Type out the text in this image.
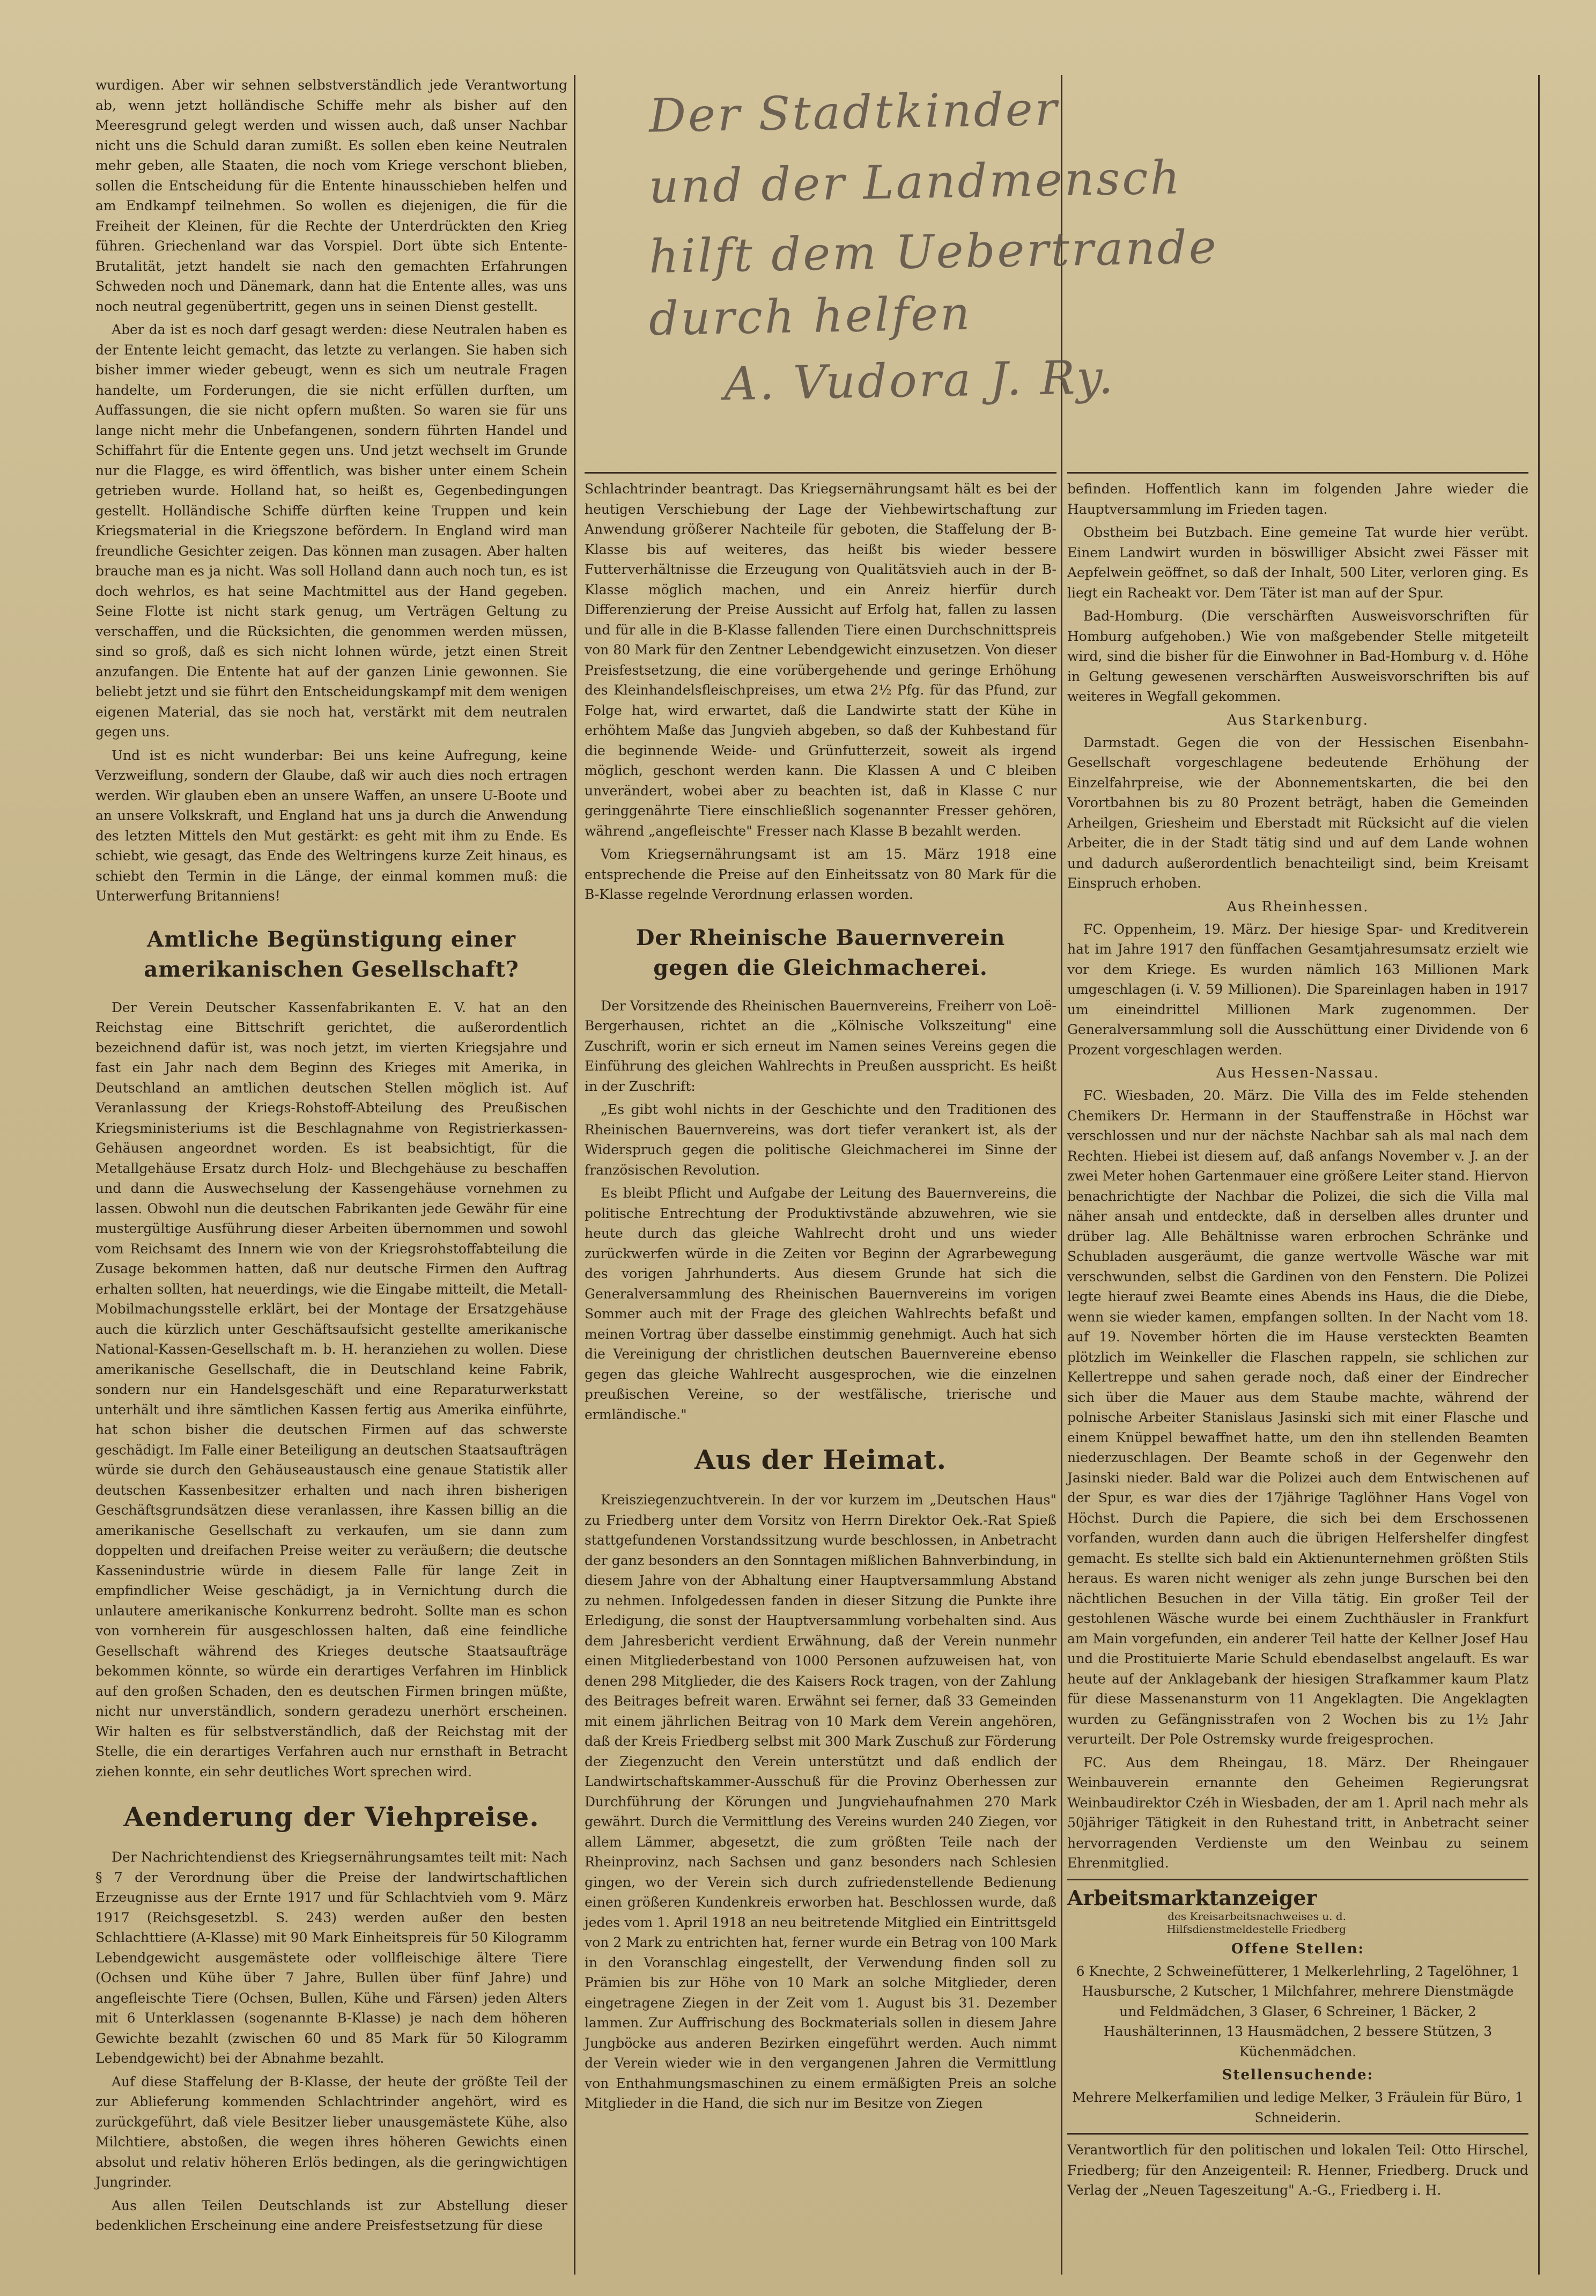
wurdigen. Aber wir sehnen selbstverständlich jede Verantwortung ab, wenn jetzt holländische Schiffe mehr als bisher auf den Meeresgrund gelegt werden und wissen auch, daß unser Nachbar nicht uns die Schuld daran zumißt. Es sollen eben keine Neutralen mehr geben, alle Staaten, die noch vom Kriege verschont blieben, sollen die Entscheidung für die Entente hinausschieben helfen und am Endkampf teilnehmen. So wollen es diejenigen, die für die Freiheit der Kleinen, für die Rechte der Unterdrückten den Krieg führen. Griechenland war das Vorspiel. Dort übte sich Entente-Brutalität, jetzt handelt sie nach den gemachten Erfahrungen Schweden noch und Dänemark, dann hat die Entente alles, was uns noch neutral gegenübertritt, gegen uns in seinen Dienst gestellt.

Aber da ist es noch darf gesagt werden: diese Neutralen haben es der Entente leicht gemacht, das letzte zu verlangen. Sie haben sich bisher immer wieder gebeugt, wenn es sich um neutrale Fragen handelte, um Forderungen, die sie nicht erfüllen durften, um Auffassungen, die sie nicht opfern mußten. So waren sie für uns lange nicht mehr die Unbefangenen, sondern führten Handel und Schiffahrt für die Entente gegen uns. Und jetzt wechselt im Grunde nur die Flagge, es wird öffentlich, was bisher unter einem Schein getrieben wurde. Holland hat, so heißt es, Gegenbedingungen gestellt. Holländische Schiffe dürften keine Truppen und kein Kriegsmaterial in die Kriegszone befördern. In England wird man freundliche Gesichter zeigen. Das können man zusagen. Aber halten brauche man es ja nicht. Was soll Holland dann auch noch tun, es ist doch wehrlos, es hat seine Machtmittel aus der Hand gegeben. Seine Flotte ist nicht stark genug, um Verträgen Geltung zu verschaffen, und die Rücksichten, die genommen werden müssen, sind so groß, daß es sich nicht lohnen würde, jetzt einen Streit anzufangen. Die Entente hat auf der ganzen Linie gewonnen. Sie beliebt jetzt und sie führt den Entscheidungskampf mit dem wenigen eigenen Material, das sie noch hat, verstärkt mit dem neutralen gegen uns.

Und ist es nicht wunderbar: Bei uns keine Aufregung, keine Verzweiflung, sondern der Glaube, daß wir auch dies noch ertragen werden. Wir glauben eben an unsere Waffen, an unsere U-Boote und an unsere Volkskraft, und England hat uns ja durch die Anwendung des letzten Mittels den Mut gestärkt: es geht mit ihm zu Ende. Es schiebt, wie gesagt, das Ende des Weltringens kurze Zeit hinaus, es schiebt den Termin in die Länge, der einmal kommen muß: die Unterwerfung Britanniens!

Amtliche Begünstigung einer amerikanischen Gesellschaft?

Der Verein Deutscher Kassenfabrikanten E. V. hat an den Reichstag eine Bittschrift gerichtet, die außerordentlich bezeichnend dafür ist, was noch jetzt, im vierten Kriegsjahre und fast ein Jahr nach dem Beginn des Krieges mit Amerika, in Deutschland an amtlichen deutschen Stellen möglich ist. Auf Veranlassung der Kriegs-Rohstoff-Abteilung des Preußischen Kriegsministeriums ist die Beschlagnahme von Registrierkassen-Gehäusen angeordnet worden. Es ist beabsichtigt, für die Metallgehäuse Ersatz durch Holz- und Blechgehäuse zu beschaffen und dann die Auswechselung der Kassengehäuse vornehmen zu lassen. Obwohl nun die deutschen Fabrikanten jede Gewähr für eine mustergültige Ausführung dieser Arbeiten übernommen und sowohl vom Reichsamt des Innern wie von der Kriegsrohstoffabteilung die Zusage bekommen hatten, daß nur deutsche Firmen den Auftrag erhalten sollten, hat neuerdings, wie die Eingabe mitteilt, die Metall-Mobilmachungsstelle erklärt, bei der Montage der Ersatzgehäuse auch die kürzlich unter Geschäftsaufsicht gestellte amerikanische National-Kassen-Gesellschaft m. b. H. heranziehen zu wollen. Diese amerikanische Gesellschaft, die in Deutschland keine Fabrik, sondern nur ein Handelsgeschäft und eine Reparaturwerkstatt unterhält und ihre sämtlichen Kassen fertig aus Amerika einführte, hat schon bisher die deutschen Firmen auf das schwerste geschädigt. Im Falle einer Beteiligung an deutschen Staatsaufträgen würde sie durch den Gehäuseaustausch eine genaue Statistik aller deutschen Kassenbesitzer erhalten und nach ihren bisherigen Geschäftsgrundsätzen diese veranlassen, ihre Kassen billig an die amerikanische Gesellschaft zu verkaufen, um sie dann zum doppelten und dreifachen Preise weiter zu veräußern; die deutsche Kassenindustrie würde in diesem Falle für lange Zeit in empfindlicher Weise geschädigt, ja in Vernichtung durch die unlautere amerikanische Konkurrenz bedroht. Sollte man es schon von vornherein für ausgeschlossen halten, daß eine feindliche Gesellschaft während des Krieges deutsche Staatsaufträge bekommen könnte, so würde ein derartiges Verfahren im Hinblick auf den großen Schaden, den es deutschen Firmen bringen müßte, nicht nur unverständlich, sondern geradezu unerhört erscheinen. Wir halten es für selbstverständlich, daß der Reichstag mit der Stelle, die ein derartiges Verfahren auch nur ernsthaft in Betracht ziehen konnte, ein sehr deutliches Wort sprechen wird.

Aenderung der Viehpreise.

Der Nachrichtendienst des Kriegsernährungsamtes teilt mit: Nach § 7 der Verordnung über die Preise der landwirtschaftlichen Erzeugnisse aus der Ernte 1917 und für Schlachtvieh vom 9. März 1917 (Reichsgesetzbl. S. 243) werden außer den besten Schlachttiere (A-Klasse) mit 90 Mark Einheitspreis für 50 Kilogramm Lebendgewicht ausgemästete oder vollfleischige ältere Tiere (Ochsen und Kühe über 7 Jahre, Bullen über fünf Jahre) und angefleischte Tiere (Ochsen, Bullen, Kühe und Färsen) jeden Alters mit 6 Unterklassen (sogenannte B-Klasse) je nach dem höheren Gewichte bezahlt (zwischen 60 und 85 Mark für 50 Kilogramm Lebendgewicht) bei der Abnahme bezahlt.

Auf diese Staffelung der B-Klasse, der heute der größte Teil der zur Ablieferung kommenden Schlachtrinder angehört, wird es zurückgeführt, daß viele Besitzer lieber unausgemästete Kühe, also Milchtiere, abstoßen, die wegen ihres höheren Gewichts einen absolut und relativ höheren Erlös bedingen, als die geringwichtigen Jungrinder.

Aus allen Teilen Deutschlands ist zur Abstellung dieser bedenklichen Erscheinung eine andere Preisfestsetzung für diese

Der Stadtkinder
und der Landmensch
hilft dem Uebertrande
durch helfen
A. Vudora J. Ry.

Schlachtrinder beantragt. Das Kriegsernährungsamt hält es bei der heutigen Verschiebung der Lage der Viehbewirtschaftung zur Anwendung größerer Nachteile für geboten, die Staffelung der B-Klasse bis auf weiteres, das heißt bis wieder bessere Futterverhältnisse die Erzeugung von Qualitätsvieh auch in der B-Klasse möglich machen, und ein Anreiz hierfür durch Differenzierung der Preise Aussicht auf Erfolg hat, fallen zu lassen und für alle in die B-Klasse fallenden Tiere einen Durchschnittspreis von 80 Mark für den Zentner Lebendgewicht einzusetzen. Von dieser Preisfestsetzung, die eine vorübergehende und geringe Erhöhung des Kleinhandelsfleischpreises, um etwa 2½ Pfg. für das Pfund, zur Folge hat, wird erwartet, daß die Landwirte statt der Kühe in erhöhtem Maße das Jungvieh abgeben, so daß der Kuhbestand für die beginnende Weide- und Grünfutterzeit, soweit als irgend möglich, geschont werden kann. Die Klassen A und C bleiben unverändert, wobei aber zu beachten ist, daß in Klasse C nur geringgenährte Tiere einschließlich sogenannter Fresser gehören, während „angefleischte" Fresser nach Klasse B bezahlt werden.

Vom Kriegsernährungsamt ist am 15. März 1918 eine entsprechende die Preise auf den Einheitssatz von 80 Mark für die B-Klasse regelnde Verordnung erlassen worden.

Der Rheinische Bauernverein gegen die Gleichmacherei.

Der Vorsitzende des Rheinischen Bauernvereins, Freiherr von Loë-Bergerhausen, richtet an die „Kölnische Volkszeitung" eine Zuschrift, worin er sich erneut im Namen seines Vereins gegen die Einführung des gleichen Wahlrechts in Preußen ausspricht. Es heißt in der Zuschrift:

„Es gibt wohl nichts in der Geschichte und den Traditionen des Rheinischen Bauernvereins, was dort tiefer verankert ist, als der Widerspruch gegen die politische Gleichmacherei im Sinne der französischen Revolution.

Es bleibt Pflicht und Aufgabe der Leitung des Bauernvereins, die politische Entrechtung der Produktivstände abzuwehren, wie sie heute durch das gleiche Wahlrecht droht und uns wieder zurückwerfen würde in die Zeiten vor Beginn der Agrarbewegung des vorigen Jahrhunderts. Aus diesem Grunde hat sich die Generalversammlung des Rheinischen Bauernvereins im vorigen Sommer auch mit der Frage des gleichen Wahlrechts befaßt und meinen Vortrag über dasselbe einstimmig genehmigt. Auch hat sich die Vereinigung der christlichen deutschen Bauernvereine ebenso gegen das gleiche Wahlrecht ausgesprochen, wie die einzelnen preußischen Vereine, so der westfälische, trierische und ermländische."

Aus der Heimat.

Kreisziegenzuchtverein. In der vor kurzem im „Deutschen Haus" zu Friedberg unter dem Vorsitz von Herrn Direktor Oek.-Rat Spieß stattgefundenen Vorstandssitzung wurde beschlossen, in Anbetracht der ganz besonders an den Sonntagen mißlichen Bahnverbindung, in diesem Jahre von der Abhaltung einer Hauptversammlung Abstand zu nehmen. Infolgedessen fanden in dieser Sitzung die Punkte ihre Erledigung, die sonst der Hauptversammlung vorbehalten sind. Aus dem Jahresbericht verdient Erwähnung, daß der Verein nunmehr einen Mitgliederbestand von 1000 Personen aufzuweisen hat, von denen 298 Mitglieder, die des Kaisers Rock tragen, von der Zahlung des Beitrages befreit waren. Erwähnt sei ferner, daß 33 Gemeinden mit einem jährlichen Beitrag von 10 Mark dem Verein angehören, daß der Kreis Friedberg selbst mit 300 Mark Zuschuß zur Förderung der Ziegenzucht den Verein unterstützt und daß endlich der Landwirtschaftskammer-Ausschuß für die Provinz Oberhessen zur Durchführung der Körungen und Jungviehaufnahmen 270 Mark gewährt. Durch die Vermittlung des Vereins wurden 240 Ziegen, vor allem Lämmer, abgesetzt, die zum größten Teile nach der Rheinprovinz, nach Sachsen und ganz besonders nach Schlesien gingen, wo der Verein sich durch zufriedenstellende Bedienung einen größeren Kundenkreis erworben hat. Beschlossen wurde, daß jedes vom 1. April 1918 an neu beitretende Mitglied ein Eintrittsgeld von 2 Mark zu entrichten hat, ferner wurde ein Betrag von 100 Mark in den Voranschlag eingestellt, der Verwendung finden soll zu Prämien bis zur Höhe von 10 Mark an solche Mitglieder, deren eingetragene Ziegen in der Zeit vom 1. August bis 31. Dezember lammen. Zur Auffrischung des Bockmaterials sollen in diesem Jahre Jungböcke aus anderen Bezirken eingeführt werden. Auch nimmt der Verein wieder wie in den vergangenen Jahren die Vermittlung von Enthahmungsmaschinen zu einem ermäßigten Preis an solche Mitglieder in die Hand, die sich nur im Besitze von Ziegen

befinden. Hoffentlich kann im folgenden Jahre wieder die Hauptversammlung im Frieden tagen.

Obstheim bei Butzbach. Eine gemeine Tat wurde hier verübt. Einem Landwirt wurden in böswilliger Absicht zwei Fässer mit Aepfelwein geöffnet, so daß der Inhalt, 500 Liter, verloren ging. Es liegt ein Racheakt vor. Dem Täter ist man auf der Spur.

Bad-Homburg. (Die verschärften Ausweisvorschriften für Homburg aufgehoben.) Wie von maßgebender Stelle mitgeteilt wird, sind die bisher für die Einwohner in Bad-Homburg v. d. Höhe in Geltung gewesenen verschärften Ausweisvorschriften bis auf weiteres in Wegfall gekommen.

Aus Starkenburg.

Darmstadt. Gegen die von der Hessischen Eisenbahn-Gesellschaft vorgeschlagene bedeutende Erhöhung der Einzelfahrpreise, wie der Abonnementskarten, die bei den Vorortbahnen bis zu 80 Prozent beträgt, haben die Gemeinden Arheilgen, Griesheim und Eberstadt mit Rücksicht auf die vielen Arbeiter, die in der Stadt tätig sind und auf dem Lande wohnen und dadurch außerordentlich benachteiligt sind, beim Kreisamt Einspruch erhoben.

Aus Rheinhessen.

FC. Oppenheim, 19. März. Der hiesige Spar- und Kreditverein hat im Jahre 1917 den fünffachen Gesamtjahresumsatz erzielt wie vor dem Kriege. Es wurden nämlich 163 Millionen Mark umgeschlagen (i. V. 59 Millionen). Die Spareinlagen haben in 1917 um eineindrittel Millionen Mark zugenommen. Der Generalversammlung soll die Ausschüttung einer Dividende von 6 Prozent vorgeschlagen werden.

Aus Hessen-Nassau.

FC. Wiesbaden, 20. März. Die Villa des im Felde stehenden Chemikers Dr. Hermann in der Stauffenstraße in Höchst war verschlossen und nur der nächste Nachbar sah als mal nach dem Rechten. Hiebei ist diesem auf, daß anfangs November v. J. an der zwei Meter hohen Gartenmauer eine größere Leiter stand. Hiervon benachrichtigte der Nachbar die Polizei, die sich die Villa mal näher ansah und entdeckte, daß in derselben alles drunter und drüber lag. Alle Behältnisse waren erbrochen Schränke und Schubladen ausgeräumt, die ganze wertvolle Wäsche war mit verschwunden, selbst die Gardinen von den Fenstern. Die Polizei legte hierauf zwei Beamte eines Abends ins Haus, die die Diebe, wenn sie wieder kamen, empfangen sollten. In der Nacht vom 18. auf 19. November hörten die im Hause versteckten Beamten plötzlich im Weinkeller die Flaschen rappeln, sie schlichen zur Kellertreppe und sahen gerade noch, daß einer der Eindrecher sich über die Mauer aus dem Staube machte, während der polnische Arbeiter Stanislaus Jasinski sich mit einer Flasche und einem Knüppel bewaffnet hatte, um den ihn stellenden Beamten niederzuschlagen. Der Beamte schoß in der Gegenwehr den Jasinski nieder. Bald war die Polizei auch dem Entwischenen auf der Spur, es war dies der 17jährige Taglöhner Hans Vogel von Höchst. Durch die Papiere, die sich bei dem Erschossenen vorfanden, wurden dann auch die übrigen Helfershelfer dingfest gemacht. Es stellte sich bald ein Aktienunternehmen größten Stils heraus. Es waren nicht weniger als zehn junge Burschen bei den nächtlichen Besuchen in der Villa tätig. Ein großer Teil der gestohlenen Wäsche wurde bei einem Zuchthäusler in Frankfurt am Main vorgefunden, ein anderer Teil hatte der Kellner Josef Hau und die Prostituierte Marie Schuld ebendaselbst angelauft. Es war heute auf der Anklagebank der hiesigen Strafkammer kaum Platz für diese Massenansturm von 11 Angeklagten. Die Angeklagten wurden zu Gefängnisstrafen von 2 Wochen bis zu 1½ Jahr verurteilt. Der Pole Ostremsky wurde freigesprochen.

FC. Aus dem Rheingau, 18. März. Der Rheingauer Weinbauverein ernannte den Geheimen Regierungsrat Weinbaudirektor Czéh in Wiesbaden, der am 1. April nach mehr als 50jähriger Tätigkeit in den Ruhestand tritt, in Anbetracht seiner hervorragenden Verdienste um den Weinbau zu seinem Ehrenmitglied.

Arbeitsmarktanzeiger des Kreisarbeitsnachweises u. d. Hilfsdienstmeldestelle Friedberg
Offene Stellen:

6 Knechte, 2 Schweinefütterer, 1 Melkerlehrling, 2 Tagelöhner, 1 Hausbursche, 2 Kutscher, 1 Milchfahrer, mehrere Dienstmägde und Feldmädchen, 3 Glaser, 6 Schreiner, 1 Bäcker, 2 Haushälterinnen, 13 Hausmädchen, 2 bessere Stützen, 3 Küchenmädchen.

Stellensuchende:

Mehrere Melkerfamilien und ledige Melker, 3 Fräulein für Büro, 1 Schneiderin.

Verantwortlich für den politischen und lokalen Teil: Otto Hirschel, Friedberg; für den Anzeigenteil: R. Henner, Friedberg. Druck und Verlag der „Neuen Tageszeitung" A.-G., Friedberg i. H.
